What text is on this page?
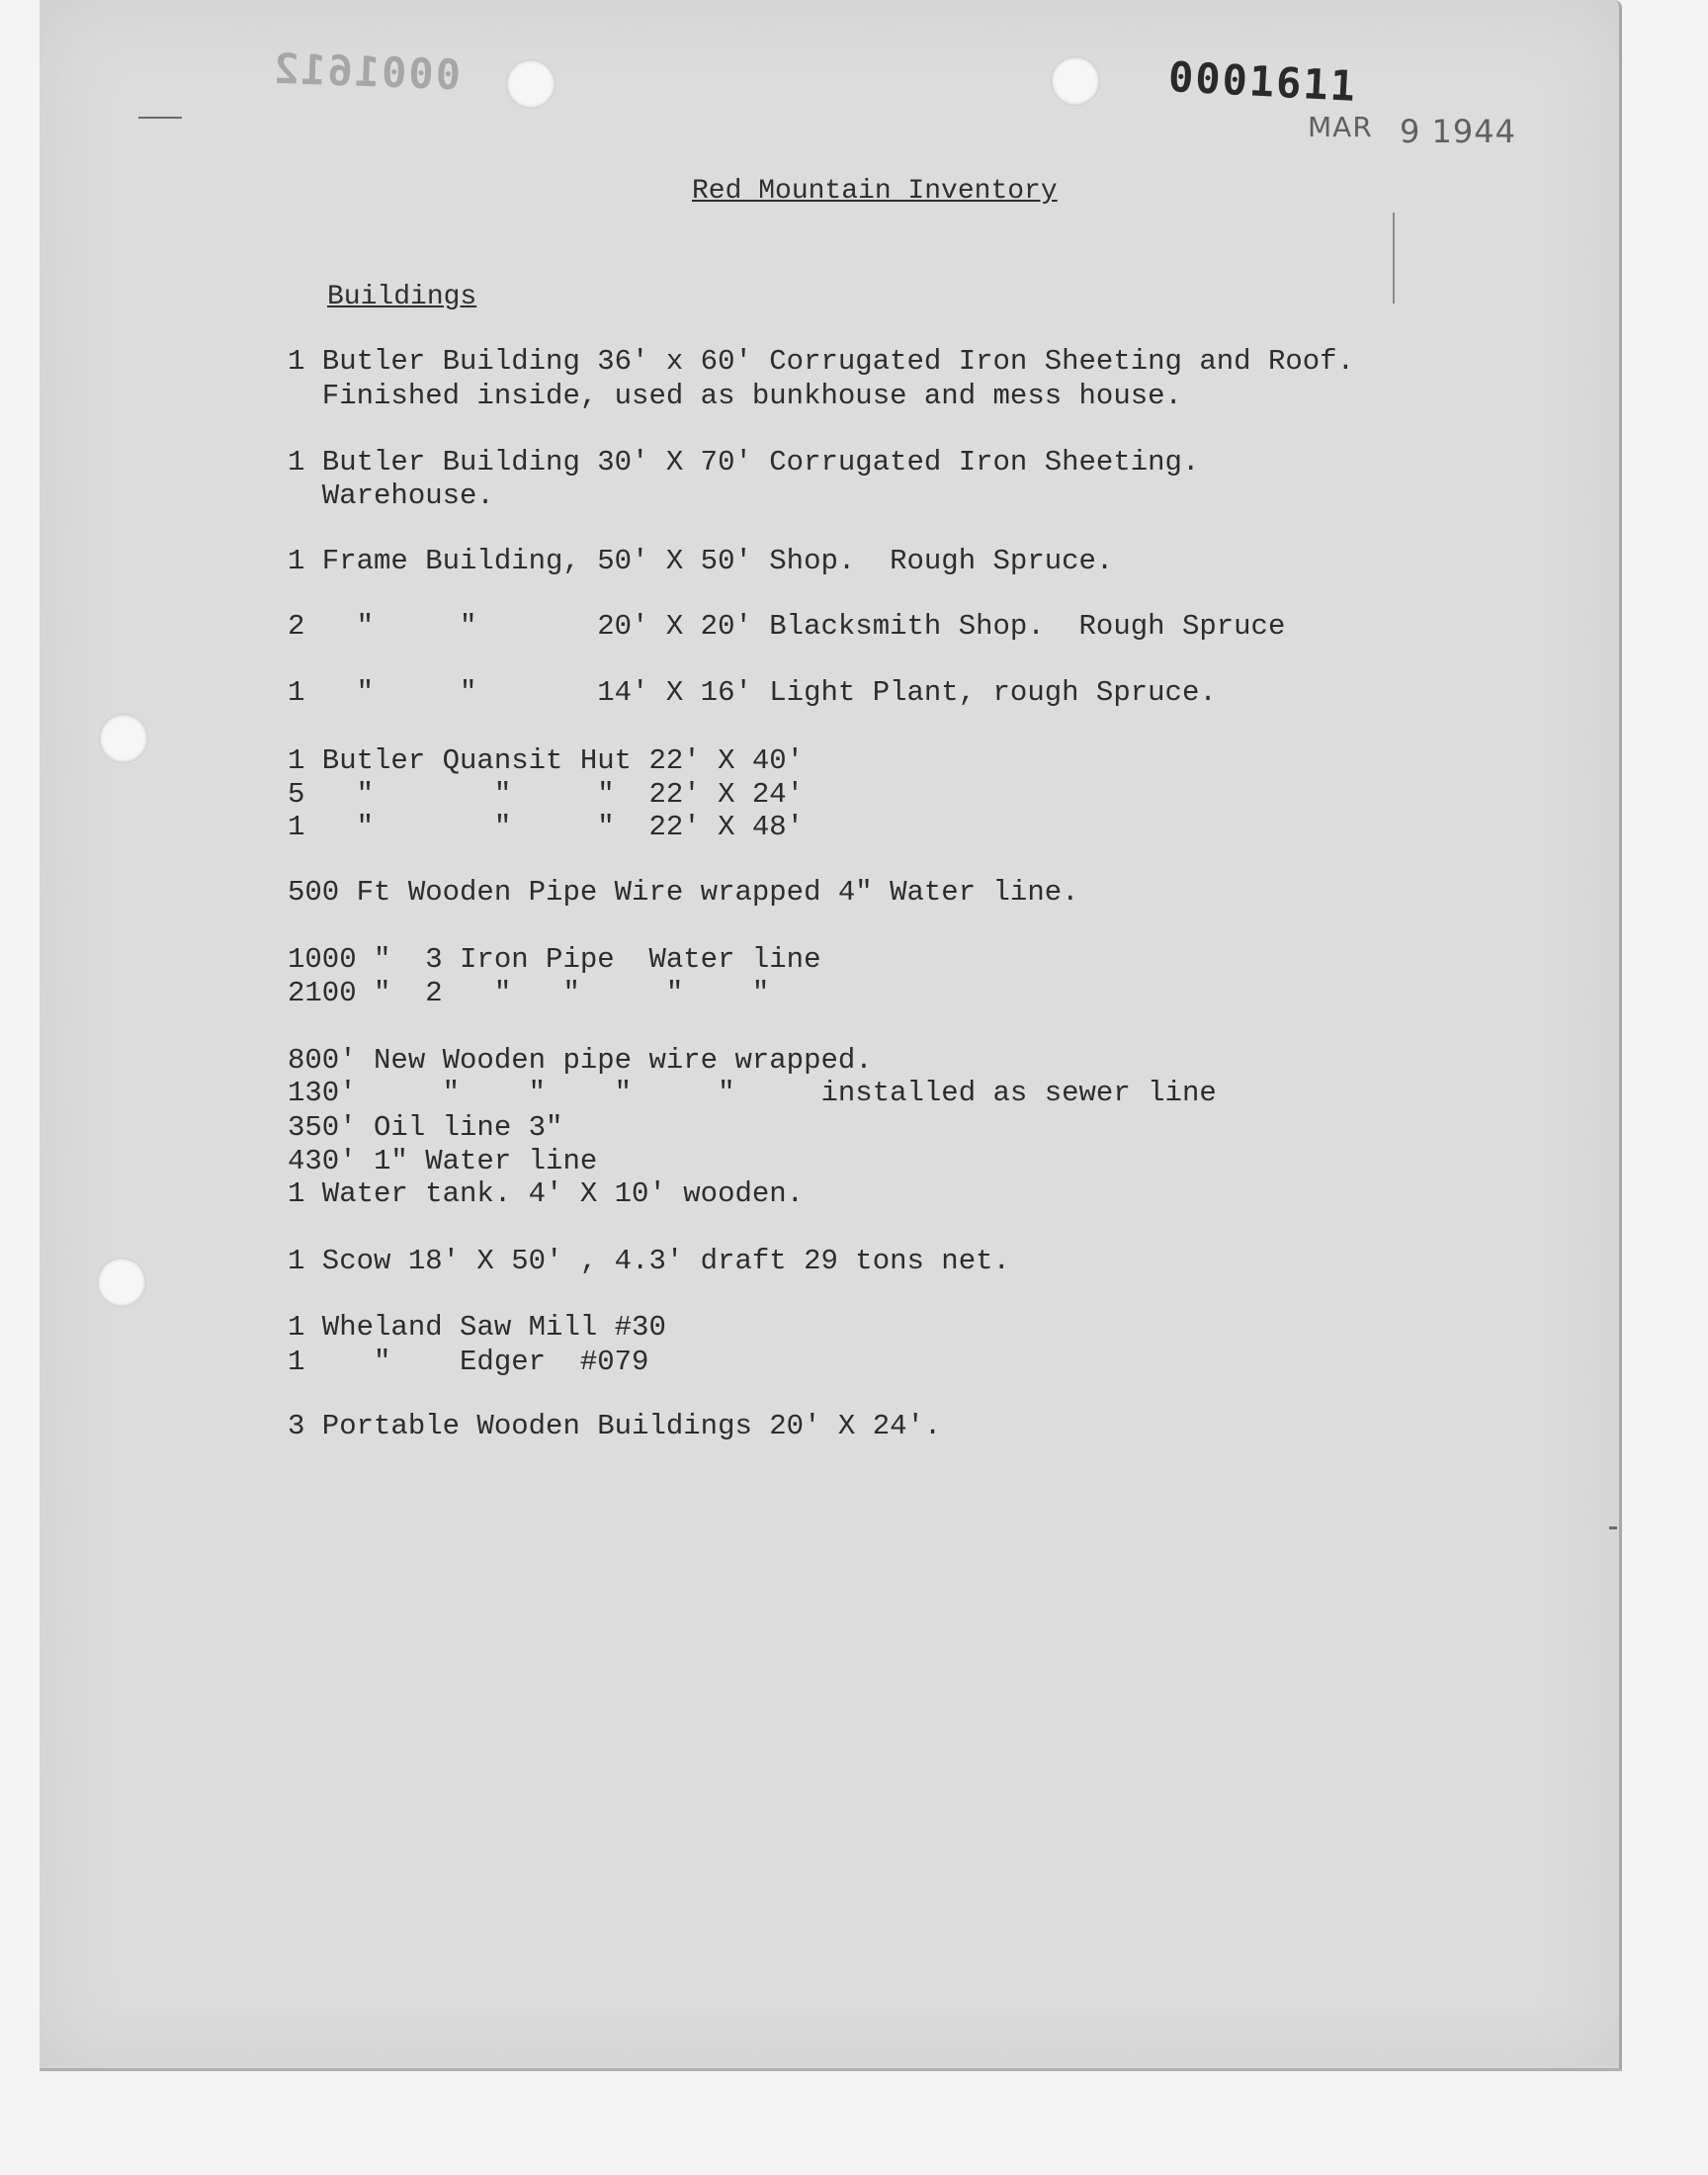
0001612	0001611
MAR 9 1944
Red Mountain Inventory
Buildings
1 Butler Building 36' x 60' Corrugated Iron Sheeting and Roof.
Finished inside, used as bunkhouse and mess house.
1 Butler Building 30' X 70' Corrugated Iron Sheeting.
Warehouse.
1 Frame Building, 50' X 50' Shop.  Rough Spruce.
2   "     "       20' X 20' Blacksmith Shop.  Rough Spruce
1   "     "       14' X 16' Light Plant, rough Spruce.
1 Butler Quansit Hut 22' X 40'
5   "       "     "  22' X 24'
1   "       "     "  22' X 48'
500 Ft Wooden Pipe Wire wrapped 4" Water line.
1000 "  3 Iron Pipe  Water line
2100 "  2   "   "     "    "
800' New Wooden pipe wire wrapped.
130'     "    "    "     "     installed as sewer line
350' Oil line 3"
430' 1" Water line
1 Water tank. 4' X 10' wooden.
1 Scow 18' X 50' , 4.3' draft 29 tons net.
1 Wheland Saw Mill #30
1    "    Edger  #079
3 Portable Wooden Buildings 20' X 24'.
